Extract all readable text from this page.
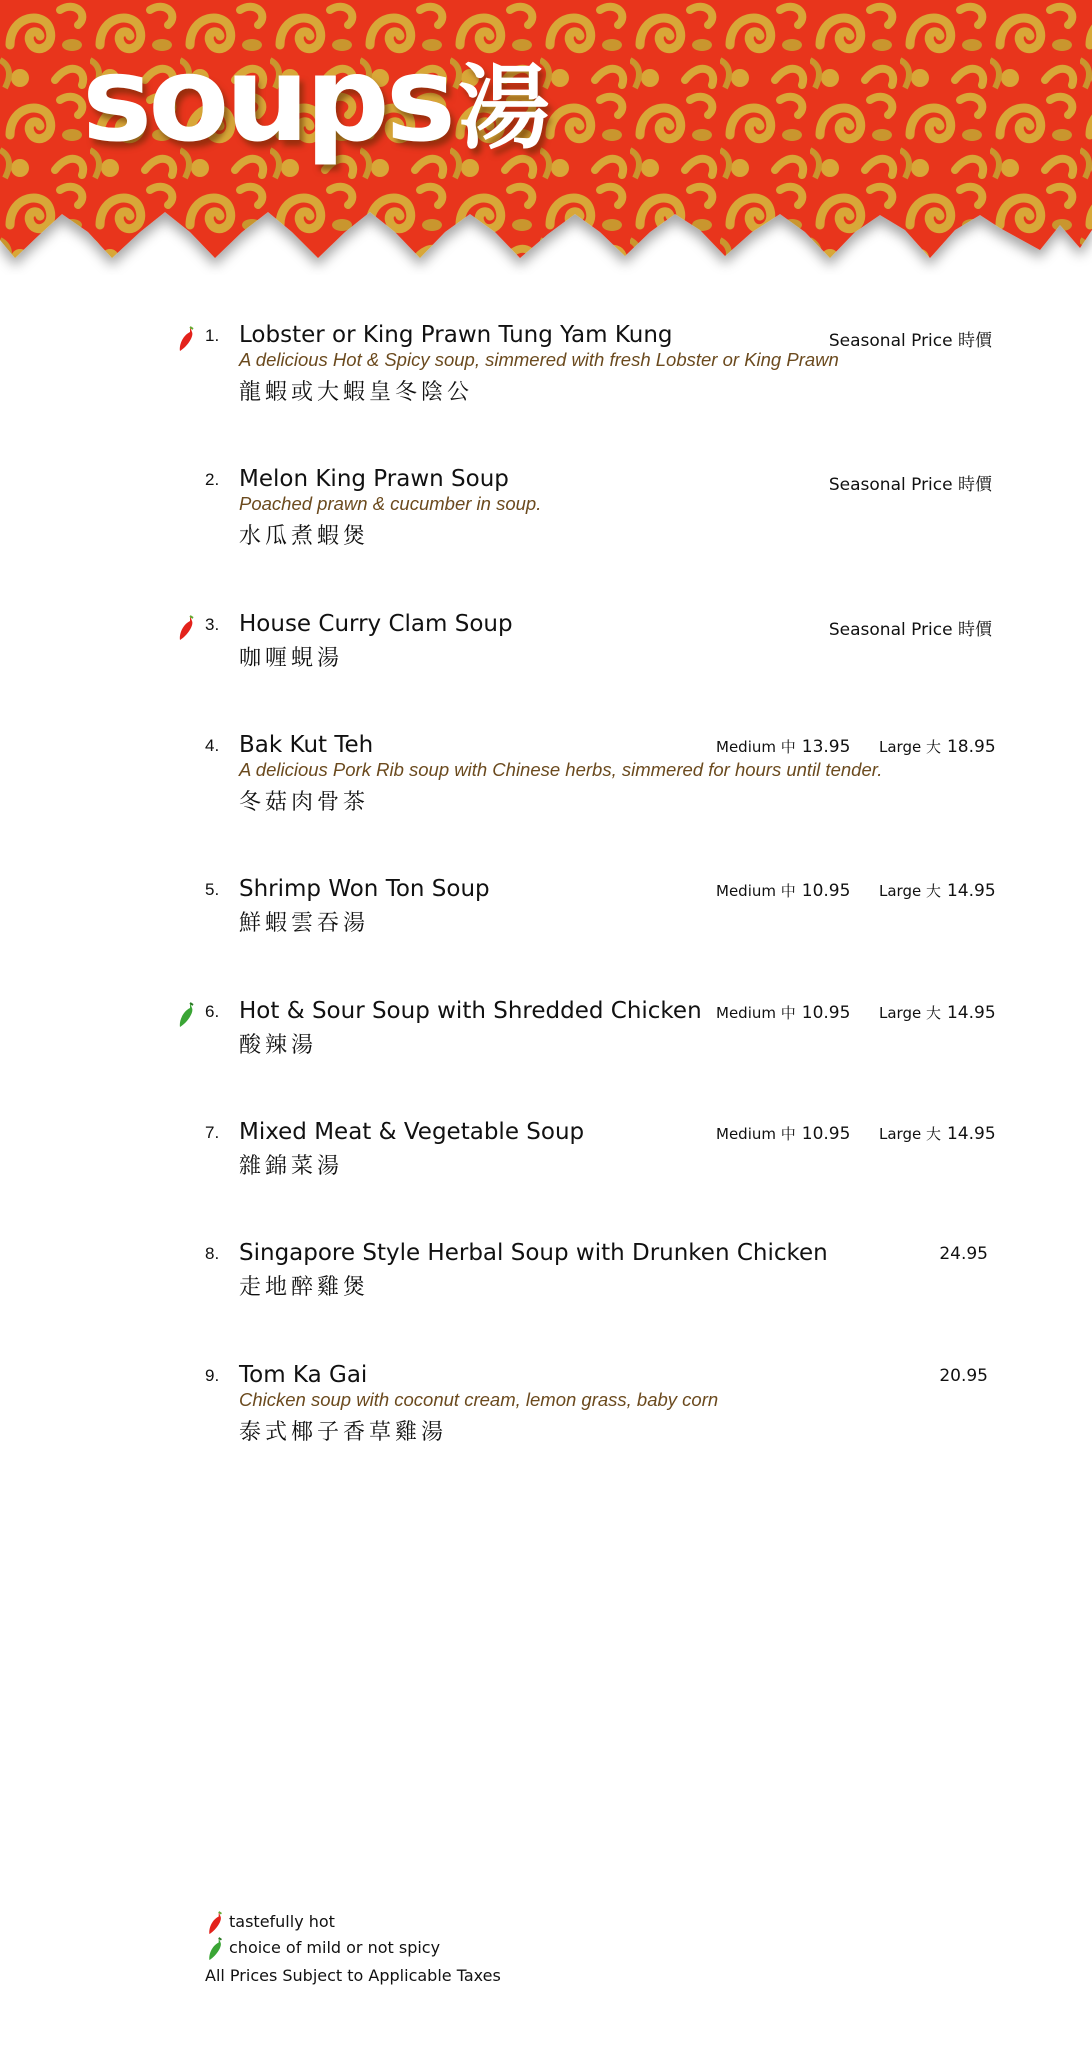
soups湯
1. Lobster or King Prawn Tung Yam Kung	Seasonal Price 時價
A delicious Hot & Spicy soup, simmered with fresh Lobster or King Prawn
龍蝦或大蝦皇冬陰公
2. Melon King Prawn Soup	Seasonal Price 時價
Poached prawn & cucumber in soup.
水瓜煮蝦煲
3. House Curry Clam Soup	Seasonal Price 時價
咖喱蜆湯
4. Bak Kut Teh	Medium 中 13.95 Large 大 18.95
A delicious Pork Rib soup with Chinese herbs, simmered for hours until tender.
冬菇肉骨茶
5. Shrimp Won Ton Soup	Medium 中 10.95 Large 大 14.95
鮮蝦雲吞湯
6. Hot & Sour Soup with Shredded Chicken Medium 中 10.95 Large 大 14.95
酸辣湯
7. Mixed Meat & Vegetable Soup	Medium 中 10.95 Large 大 14.95
雜錦菜湯
8. Singapore Style Herbal Soup with Drunken Chicken	24.95
走地醉雞煲
9. Tom Ka Gai	20.95
Chicken soup with coconut cream, lemon grass, baby corn
泰式椰子香草雞湯
tastefully hot
choice of mild or not spicy
All Prices Subject to Applicable Taxes
